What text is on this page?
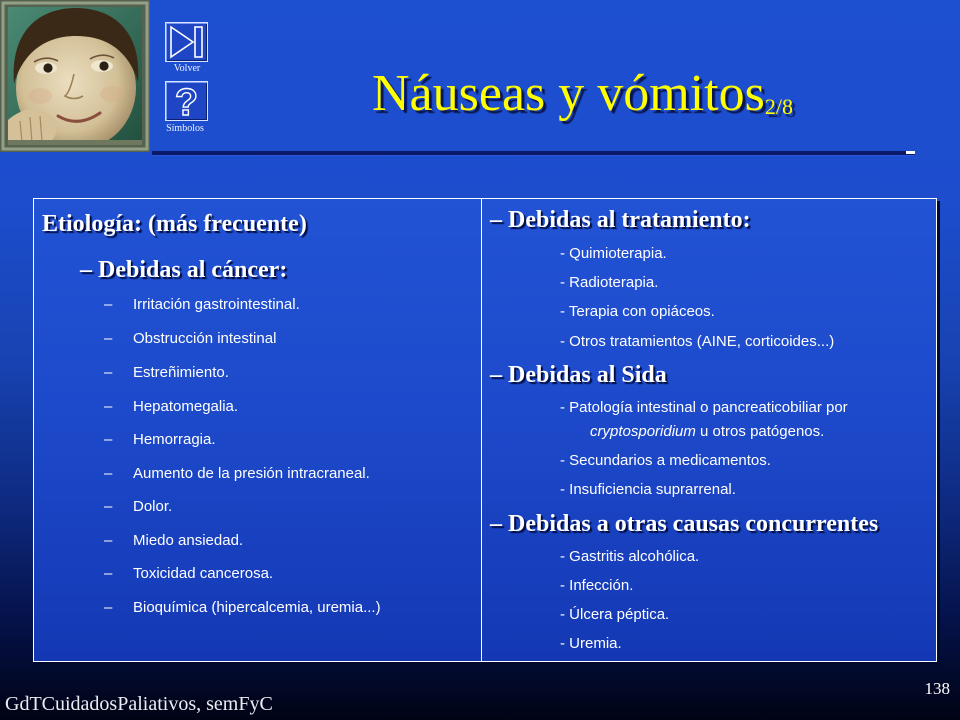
Volver
?
Símbolos
Náuseas y vómitos2/8
Etiología: (más frecuente)
– Debidas al cáncer:
– Irritación gastrointestinal.
– Obstrucción intestinal
– Estreñimiento.
– Hepatomegalia.
– Hemorragia.
– Aumento de la presión intracraneal.
– Dolor.
– Miedo ansiedad.
– Toxicidad cancerosa.
– Bioquímica (hipercalcemia, uremia...)
– Debidas al tratamiento:
- Quimioterapia.
- Radioterapia.
- Terapia con opiáceos.
- Otros tratamientos (AINE, corticoides...)
– Debidas al Sida
- Patología intestinal o pancreaticobiliar por
cryptosporidium u otros patógenos.
- Secundarios a medicamentos.
- Insuficiencia suprarrenal.
– Debidas a otras causas concurrentes
- Gastritis alcohólica.
- Infección.
- Úlcera péptica.
- Uremia.
GdTCuidadosPaliativos, semFyC
138
